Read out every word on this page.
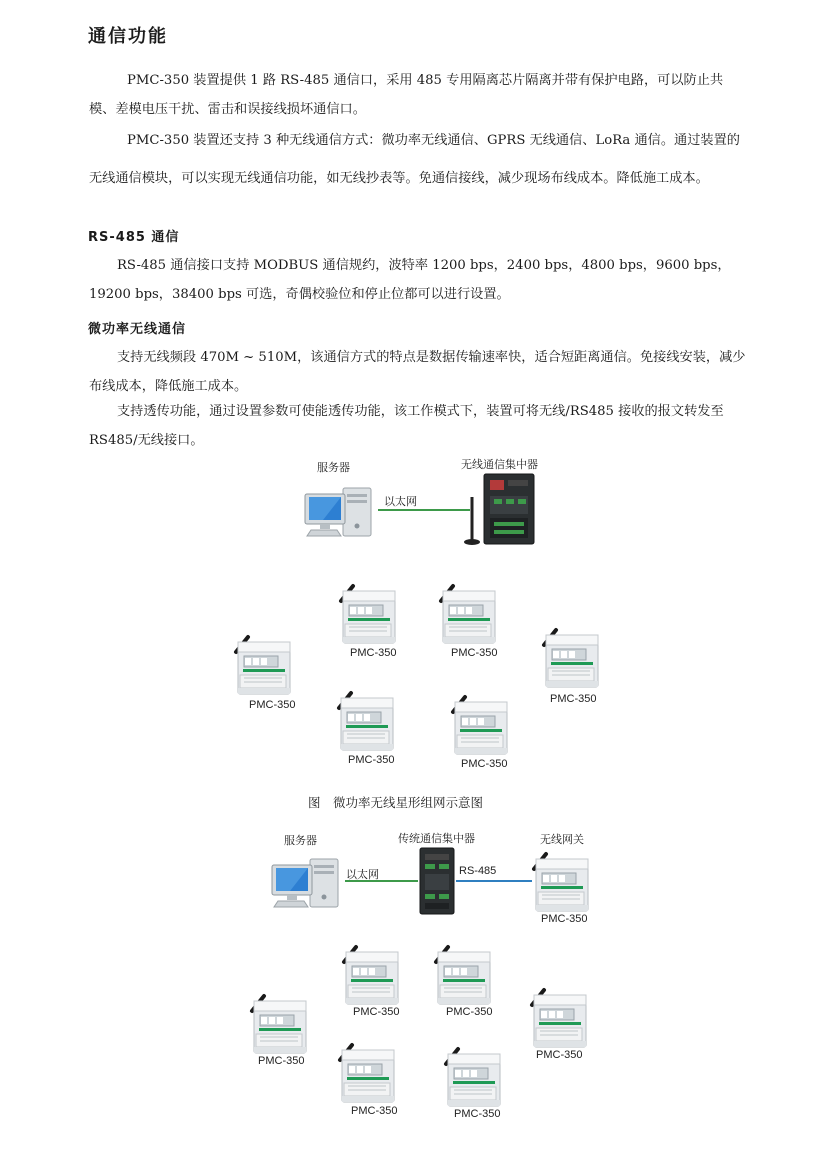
通信功能
PMC-350 装置提供 1 路 RS-485 通信口，采用 485 专用隔离芯片隔离并带有保护电路，可以防止共模、差模电压干扰、雷击和误接线损坏通信口。
PMC-350 装置还支持 3 种无线通信方式：微功率无线通信、GPRS 无线通信、LoRa 通信。通过装置的无线通信模块，可以实现无线通信功能，如无线抄表等。免通信接线，减少现场布线成本。降低施工成本。
RS-485 通信
RS-485 通信接口支持 MODBUS 通信规约，波特率 1200 bps，2400 bps，4800 bps，9600 bps，19200 bps，38400 bps 可选，奇偶校验位和停止位都可以进行设置。
微功率无线通信
支持无线频段 470M ~ 510M，该通信方式的特点是数据传输速率快，适合短距离通信。免接线安装，减少布线成本，降低施工成本。
支持透传功能，通过设置参数可使能透传功能，该工作模式下，装置可将无线/RS485 接收的报文转发至 RS485/无线接口。
服务器	无线通信集中器
以太网
PMC-350	PMC-350
PMC-350	PMC-350
PMC-350	PMC-350
图　微功率无线星形组网示意图
服务器	传统通信集中器	无线网关
以太网	RS-485
PMC-350
PMC-350	PMC-350
PMC-350	PMC-350
PMC-350	PMC-350
